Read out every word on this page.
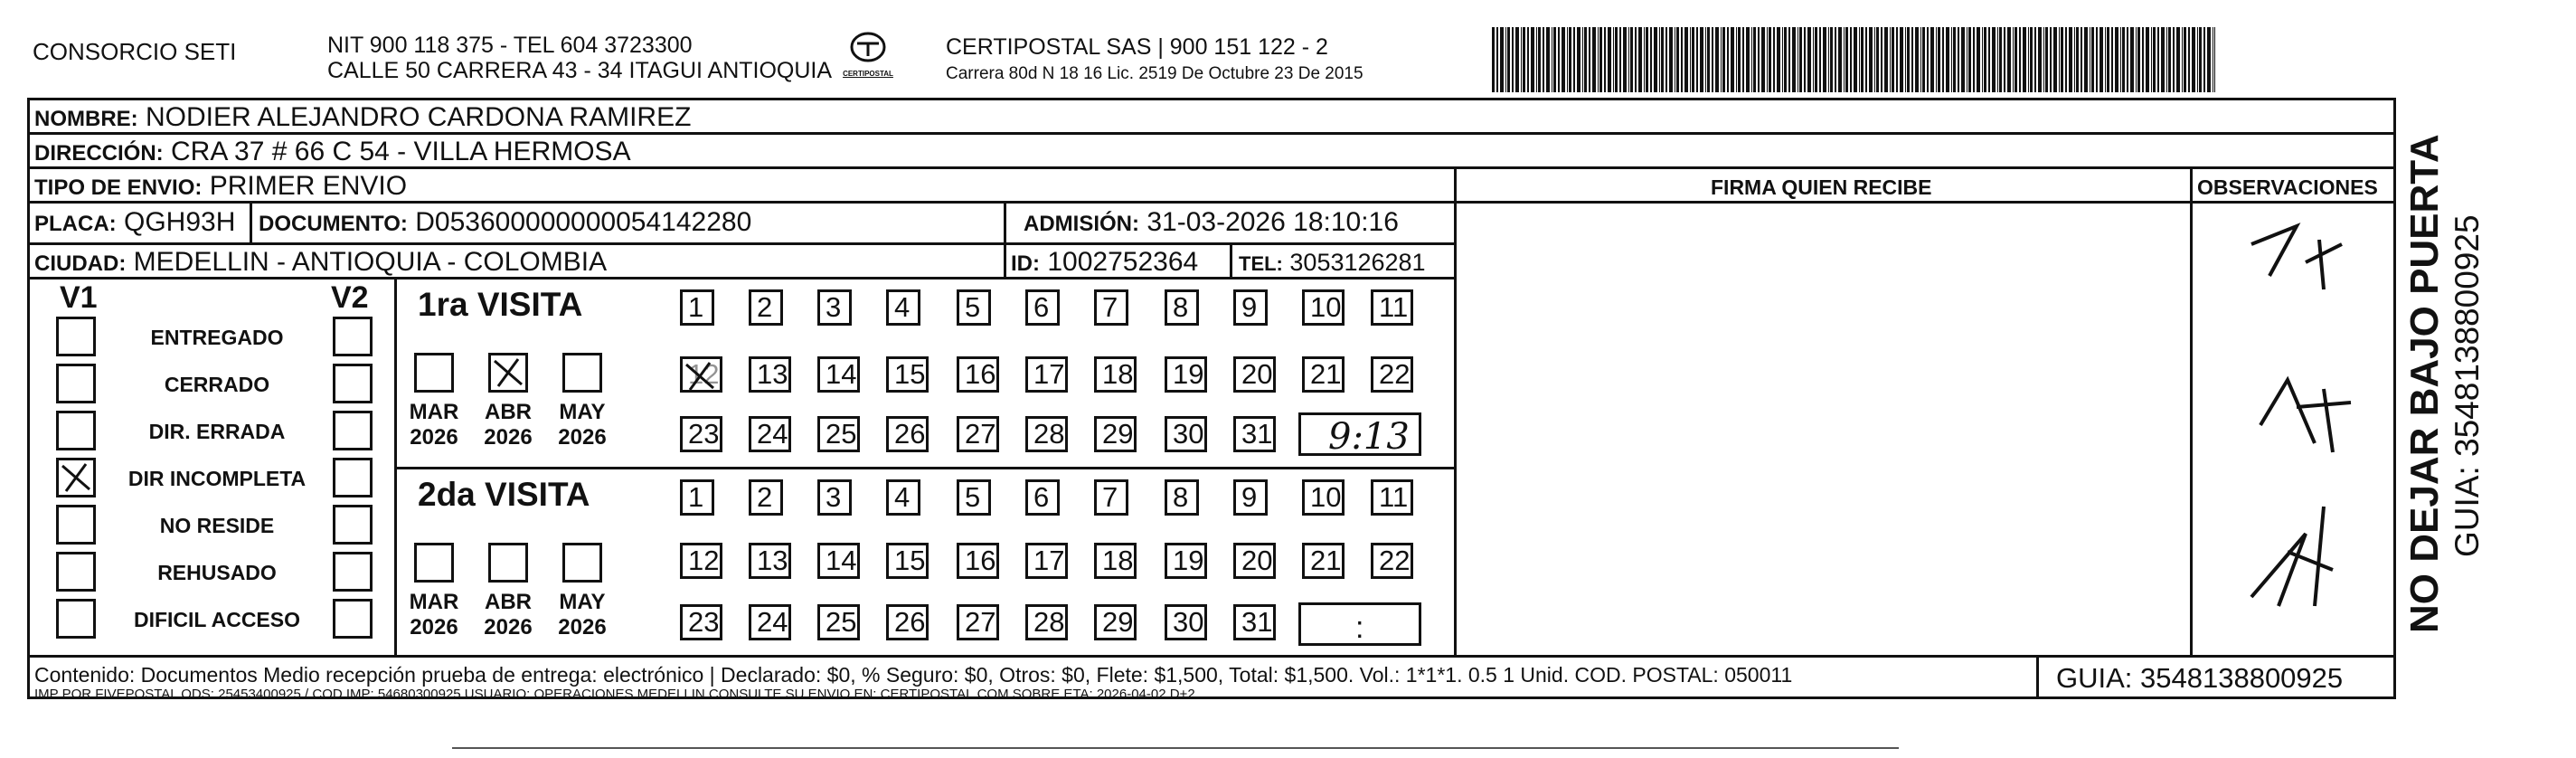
CONSORCIO SETI	NIT 900 118 375 - TEL 604 3723300
CALLE 50 CARRERA 43 - 34 ITAGUI ANTIOQUIA	CERTIPOSTAL
CERTIPOSTAL SAS | 900 151 122 - 2
Carrera 80d N 18 16 Lic. 2519 De Octubre 23 De 2015
NOMBRE: NODIER ALEJANDRO CARDONA RAMIREZ
DIRECCIÓN: CRA 37 # 66 C 54 - VILLA HERMOSA
TIPO DE ENVIO: PRIMER ENVIO	FIRMA QUIEN RECIBE	OBSERVACIONES
PLACA: QGH93H DOCUMENTO: D053600000000054142280	ADMISIÓN: 31-03-2026 18:10:16
CIUDAD: MEDELLIN - ANTIOQUIA - COLOMBIA	ID: 1002752364 TEL: 3053126281
V1	V2
ENTREGADO
CERRADO
DIR. ERRADA
DIR INCOMPLETA
NO RESIDE
REHUSADO
DIFICIL ACCESO
1ra VISITA
2da VISITA
MAR
2026
ABR
2026
MAY
2026
MAR
2026
ABR
2026
MAY
2026
1	2	3	4	5	6	7	8	9	10 11
12 13 14 15 16 17 18 19 20 21 22
23 24 25 26 27 28 29 30 31
1	2	3	4	5	6	7	8	9	10 11
12 13 14 15 16 17 18 19 20 21 22
23 24 25 26 27 28 29 30 31
9:13
:
Contenido: Documentos Medio recepción prueba de entrega: electrónico | Declarado: $0, % Seguro: $0, Otros: $0, Flete: $1,500, Total: $1,500. Vol.: 1*1*1. 0.5 1 Unid. COD. POSTAL: 050011
IMP POR FIVEPOSTAL ODS: 25453400925 / COD.IMP: 54680300925 USUARIO: OPERACIONES MEDELLIN CONSULTE SU ENVIO EN: CERTIPOSTAL.COM SOBRE ETA: 2026-04-02 D+2
GUIA: 3548138800925
NO DEJAR BAJO PUERTA GUIA: 3548138800925
